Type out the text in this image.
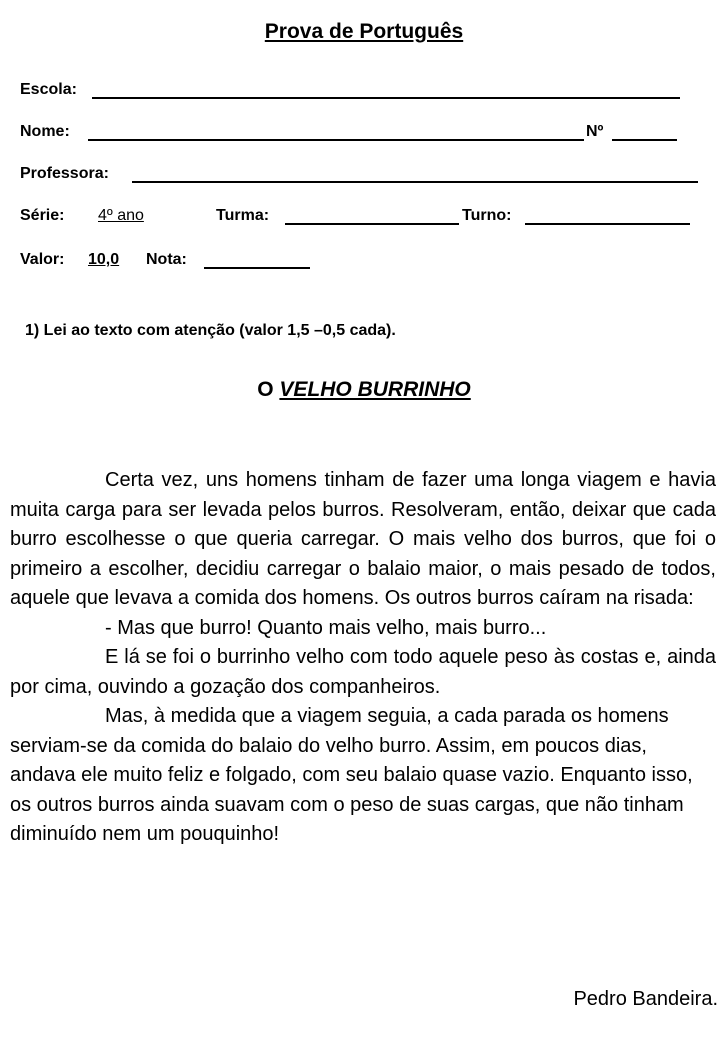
Prova de Português
Escola:
Nome:	Nº
Professora:
Série: 4º ano	Turma:	Turno:
Valor: 10,0 Nota:

1) Lei ao texto com atenção (valor 1,5 –0,5 cada).

O VELHO BURRINHO

Certa vez, uns homens tinham de fazer uma longa viagem e havia muita carga para ser levada pelos burros. Resolveram, então, deixar que cada burro escolhesse o que queria carregar. O mais velho dos burros, que foi o primeiro a escolher, decidiu carregar o balaio maior, o mais pesado de todos, aquele que levava a comida dos homens. Os outros burros caíram na risada:

- Mas que burro! Quanto mais velho, mais burro...

E lá se foi o burrinho velho com todo aquele peso às costas e, ainda por cima, ouvindo a gozação dos companheiros.

Mas, à medida que a viagem seguia, a cada parada os homens serviam-se da comida do balaio do velho burro. Assim, em poucos dias, andava ele muito feliz e folgado, com seu balaio quase vazio. Enquanto isso, os outros burros ainda suavam com o peso de suas cargas, que não tinham diminuído nem um pouquinho!

Pedro Bandeira.
